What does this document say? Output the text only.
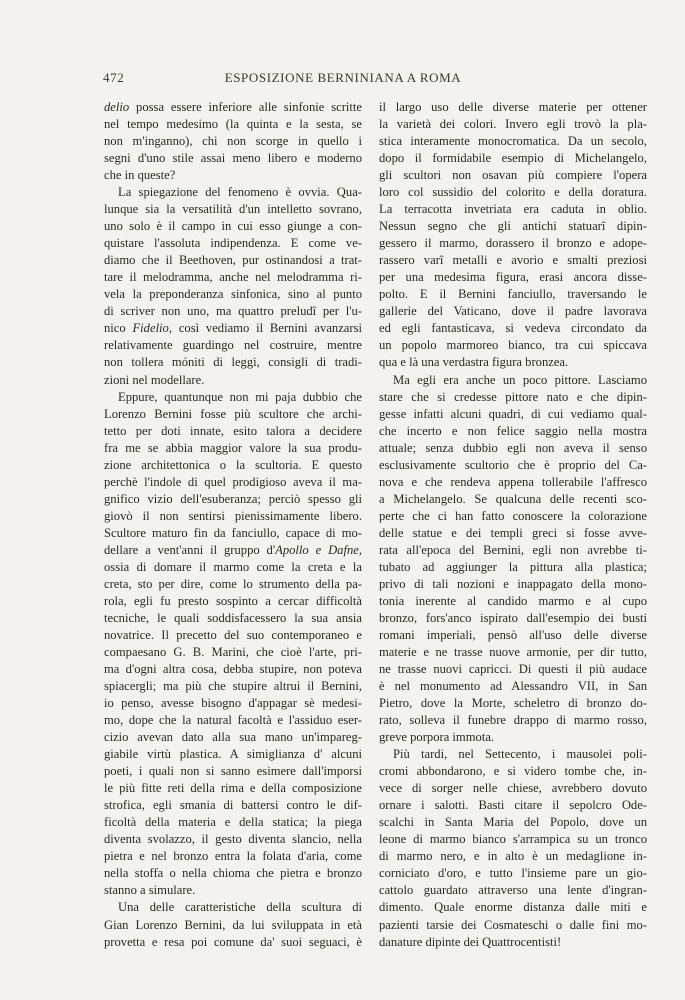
472	ESPOSIZIONE BERNINIANA A ROMA
delio possa essere inferiore alle sinfonie scritte
nel tempo medesimo (la quinta e la sesta, se
non m'inganno), chi non scorge in quello i
segni d'uno stile assai meno libero e moderno
che in queste?
La spiegazione del fenomeno è ovvia. Qua-
lunque sia la versatilità d'un intelletto sovrano,
uno solo è il campo in cui esso giunge a con-
quistare l'assoluta indipendenza. E come ve-
diamo che il Beethoven, pur ostinandosi a trat-
tare il melodramma, anche nel melodramma ri-
vela la preponderanza sinfonica, sino al punto
di scriver non uno, ma quattro preludî per l'u-
nico Fidelio, così vediamo il Bernini avanzarsi
relativamente guardingo nel costruire, mentre
non tollera móniti di leggi, consigli di tradi-
zioni nel modellare.
Eppure, quantunque non mi paja dubbio che
Lorenzo Bernini fosse più scultore che archi-
tetto per doti innate, esito talora a decidere
fra me se abbia maggior valore la sua produ-
zione architettonica o la scultoria. E questo
perchè l'indole di quel prodigioso aveva il ma-
gnifico vizio dell'esuberanza; perciò spesso gli
giovò il non sentirsi pienissimamente libero.
Scultore maturo fin da fanciullo, capace di mo-
dellare a vent'anni il gruppo d'Apollo e Dafne,
ossia di domare il marmo come la creta e la
creta, sto per dire, come lo strumento della pa-
rola, egli fu presto sospinto a cercar difficoltà
tecniche, le quali soddisfacessero la sua ansia
novatrice. Il precetto del suo contemporaneo e
compaesano G. B. Marini, che cioè l'arte, pri-
ma d'ogni altra cosa, debba stupire, non poteva
spiacergli; ma più che stupire altrui il Bernini,
io penso, avesse bisogno d'appagar sè medesi-
mo, dope che la natural facoltà e l'assiduo eser-
cizio avevan dato alla sua mano un'impareg-
giabile virtù plastica. A simiglianza d' alcuni
poeti, i quali non si sanno esimere dall'imporsi
le più fitte reti della rima e della composizione
strofica, egli smania di battersi contro le dif-
ficoltà della materia e della statica; la piega
diventa svolazzo, il gesto diventa slancio, nella
pietra e nel bronzo entra la folata d'aria, come
nella stoffa o nella chioma che pietra e bronzo
stanno a simulare.
Una delle caratteristiche della scultura di
Gian Lorenzo Bernini, da lui sviluppata in età
provetta e resa poi comune da' suoi seguaci, è
il largo uso delle diverse materie per ottener
la varietà dei colori. Invero egli trovò la pla-
stica interamente monocromatica. Da un secolo,
dopo il formidabile esempio di Michelangelo,
gli scultori non osavan più compiere l'opera
loro col sussidio del colorito e della doratura.
La terracotta invetriata era caduta in oblio.
Nessun segno che gli antichi statuarî dipin-
gessero il marmo, dorassero il bronzo e adope-
rassero varî metalli e avorio e smalti preziosi
per una medesima figura, erasi ancora disse-
polto. E il Bernini fanciullo, traversando le
gallerie del Vaticano, dove il padre lavorava
ed egli fantasticava, si vedeva circondato da
un popolo marmoreo bianco, tra cui spiccava
qua e là una verdastra figura bronzea.
Ma egli era anche un poco pittore. Lasciamo
stare che si credesse pittore nato e che dipin-
gesse infatti alcuni quadri, di cui vediamo qual-
che incerto e non felice saggio nella mostra
attuale; senza dubbio egli non aveva il senso
esclusivamente scultorio che è proprio del Ca-
nova e che rendeva appena tollerabile l'affresco
a Michelangelo. Se qualcuna delle recenti sco-
perte che ci han fatto conoscere la colorazione
delle statue e dei templi greci si fosse avve-
rata all'epoca del Bernini, egli non avrebbe ti-
tubato ad aggiunger la pittura alla plastica;
privo di tali nozioni e inappagato della mono-
tonia inerente al candido marmo e al cupo
bronzo, fors'anco ispirato dall'esempio dei busti
romani imperiali, pensò all'uso delle diverse
materie e ne trasse nuove armonie, per dir tutto,
ne trasse nuovi capricci. Di questi il più audace
è nel monumento ad Alessandro VII, in San
Pietro, dove la Morte, scheletro di bronzo do-
rato, solleva il funebre drappo di marmo rosso,
greve porpora immota.
Più tardi, nel Settecento, i mausolei poli-
cromi abbondarono, e si videro tombe che, in-
vece di sorger nelle chiese, avrebbero dovuto
ornare i salotti. Basti citare il sepolcro Ode-
scalchi in Santa Maria del Popolo, dove un
leone di marmo bianco s'arrampica su un tronco
di marmo nero, e in alto è un medaglione in-
corniciato d'oro, e tutto l'insieme pare un gio-
cattolo guardato attraverso una lente d'ingran-
dimento. Quale enorme distanza dalle miti e
pazienti tarsie dei Cosmateschi o dalle fini mo-
danature dipinte dei Quattrocentisti!
